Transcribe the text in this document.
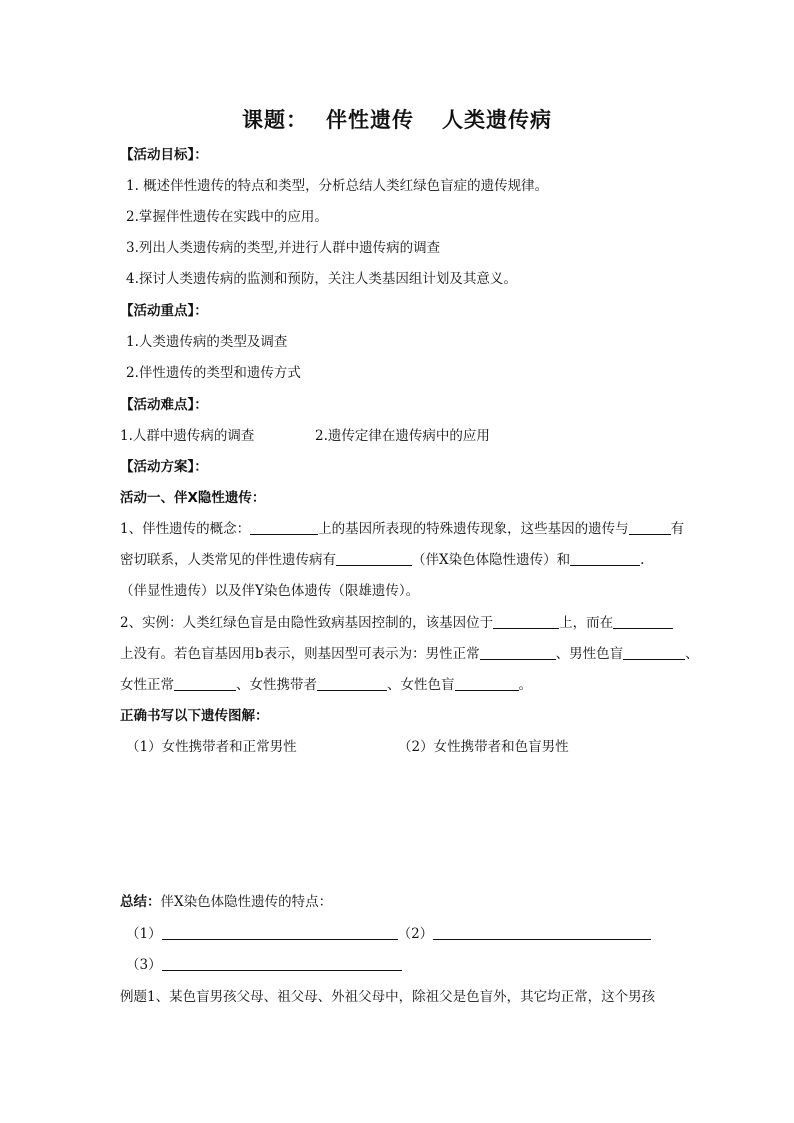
课题： 伴性遗传 人类遗传病
【活动目标】：
1. 概述伴性遗传的特点和类型，分析总结人类红绿色盲症的遗传规律。
2.掌握伴性遗传在实践中的应用。
3.列出人类遗传病的类型,并进行人群中遗传病的调查
4.探讨人类遗传病的监测和预防，关注人类基因组计划及其意义。
【活动重点】：
1.人类遗传病的类型及调查
2.伴性遗传的类型和遗传方式
【活动难点】：
1.人群中遗传病的调查	2.遗传定律在遗传病中的应用
【活动方案】：
活动一、伴X隐性遗传：
1、伴性遗传的概念：	上的基因所表现的特殊遗传现象，这些基因的遗传与	有
密切联系，人类常见的伴性遗传病有	（伴X染色体隐性遗传）和	.
（伴显性遗传）以及伴Y染色体遗传（限雄遗传）。
2、实例：人类红绿色盲是由隐性致病基因控制的，该基因位于	上，而在
上没有。若色盲基因用b表示，则基因型可表示为：男性正常	、男性色盲	、
女性正常	、女性携带者	、女性色盲	。
正确书写以下遗传图解：
（1）女性携带者和正常男性	（2）女性携带者和色盲男性
总结：伴X染色体隐性遗传的特点：
（1）	（2）
（3）
例题1、某色盲男孩父母、祖父母、外祖父母中，除祖父是色盲外，其它均正常，这个男孩
